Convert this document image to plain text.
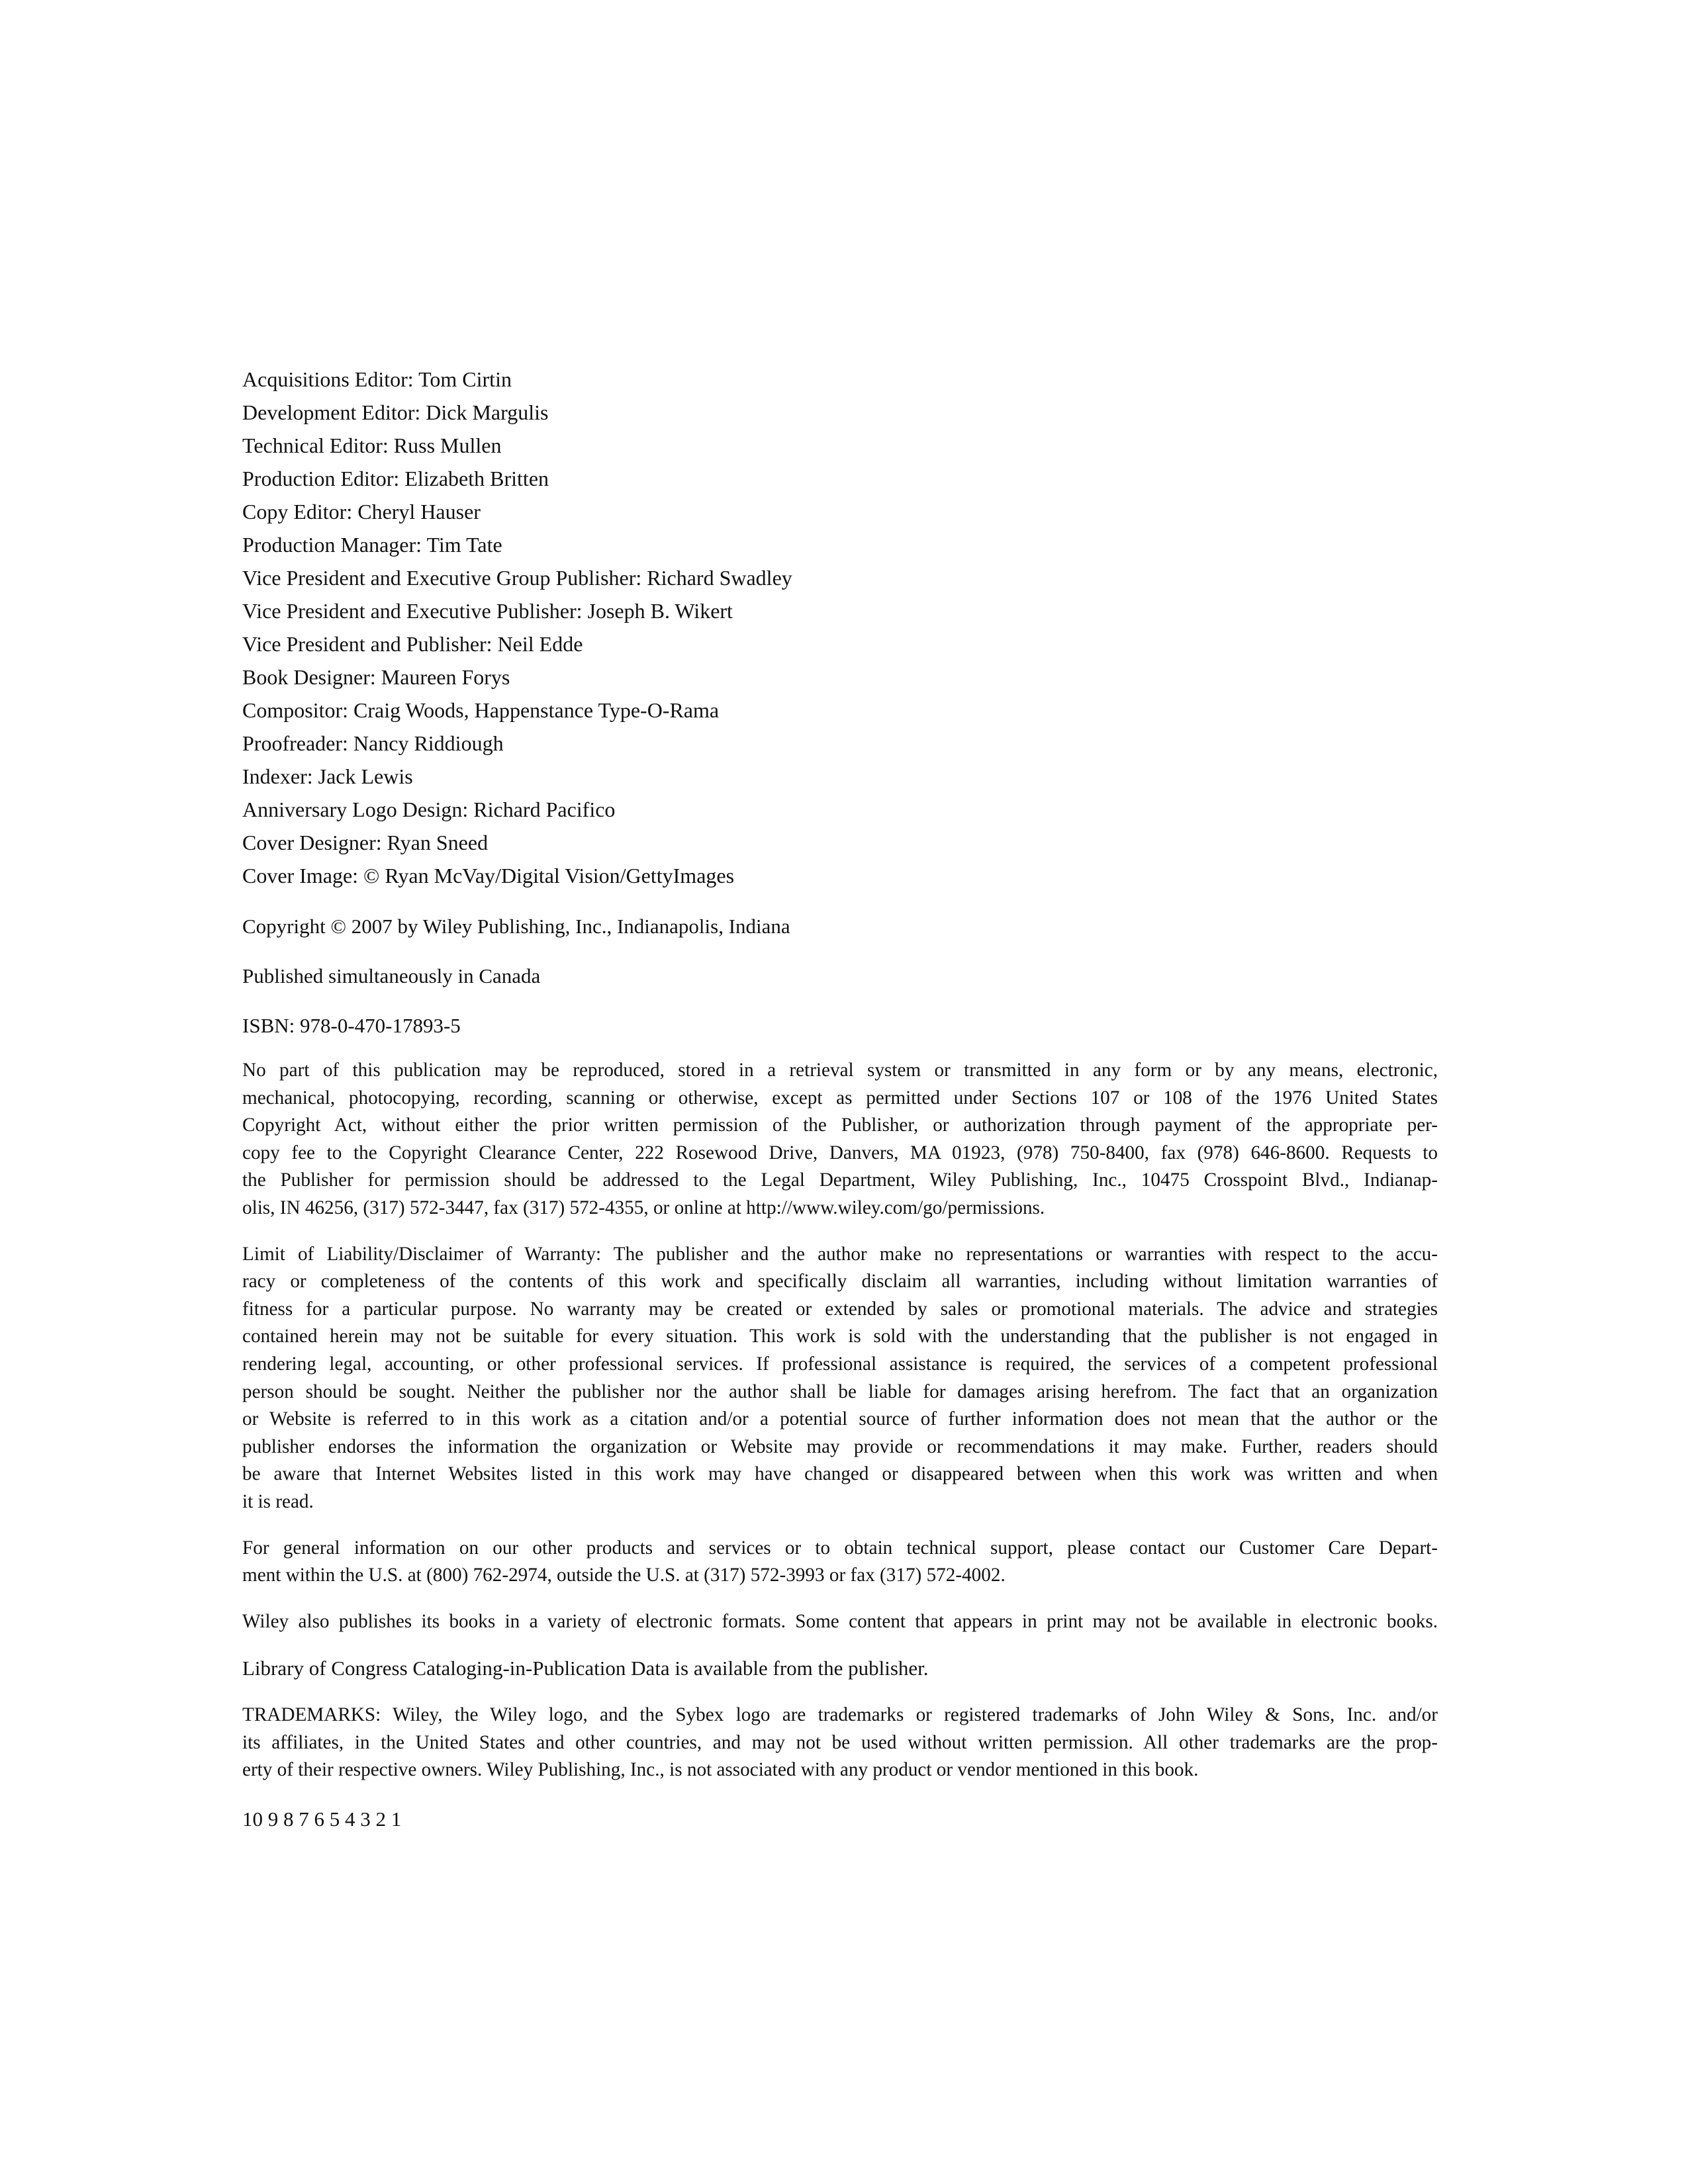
Acquisitions Editor: Tom Cirtin
Development Editor: Dick Margulis
Technical Editor: Russ Mullen
Production Editor: Elizabeth Britten
Copy Editor: Cheryl Hauser
Production Manager: Tim Tate
Vice President and Executive Group Publisher: Richard Swadley
Vice President and Executive Publisher: Joseph B. Wikert
Vice President and Publisher: Neil Edde
Book Designer: Maureen Forys
Compositor: Craig Woods, Happenstance Type-O-Rama
Proofreader: Nancy Riddiough
Indexer: Jack Lewis
Anniversary Logo Design: Richard Pacifico
Cover Designer: Ryan Sneed
Cover Image: © Ryan McVay/Digital Vision/GettyImages

Copyright © 2007 by Wiley Publishing, Inc., Indianapolis, Indiana

Published simultaneously in Canada

ISBN: 978-0-470-17893-5

No part of this publication may be reproduced, stored in a retrieval system or transmitted in any form or by any means, electronic,
mechanical, photocopying, recording, scanning or otherwise, except as permitted under Sections 107 or 108 of the 1976 United States
Copyright Act, without either the prior written permission of the Publisher, or authorization through payment of the appropriate per-
copy fee to the Copyright Clearance Center, 222 Rosewood Drive, Danvers, MA 01923, (978) 750-8400, fax (978) 646-8600. Requests to
the Publisher for permission should be addressed to the Legal Department, Wiley Publishing, Inc., 10475 Crosspoint Blvd., Indianap-
olis, IN 46256, (317) 572-3447, fax (317) 572-4355, or online at http://www.wiley.com/go/permissions.

Limit of Liability/Disclaimer of Warranty: The publisher and the author make no representations or warranties with respect to the accu-
racy or completeness of the contents of this work and specifically disclaim all warranties, including without limitation warranties of
fitness for a particular purpose. No warranty may be created or extended by sales or promotional materials. The advice and strategies
contained herein may not be suitable for every situation. This work is sold with the understanding that the publisher is not engaged in
rendering legal, accounting, or other professional services. If professional assistance is required, the services of a competent professional
person should be sought. Neither the publisher nor the author shall be liable for damages arising herefrom. The fact that an organization
or Website is referred to in this work as a citation and/or a potential source of further information does not mean that the author or the
publisher endorses the information the organization or Website may provide or recommendations it may make. Further, readers should
be aware that Internet Websites listed in this work may have changed or disappeared between when this work was written and when
it is read.

For general information on our other products and services or to obtain technical support, please contact our Customer Care Depart-
ment within the U.S. at (800) 762-2974, outside the U.S. at (317) 572-3993 or fax (317) 572-4002.

Wiley also publishes its books in a variety of electronic formats. Some content that appears in print may not be available in electronic books.

Library of Congress Cataloging-in-Publication Data is available from the publisher.

TRADEMARKS: Wiley, the Wiley logo, and the Sybex logo are trademarks or registered trademarks of John Wiley & Sons, Inc. and/or
its affiliates, in the United States and other countries, and may not be used without written permission. All other trademarks are the prop-
erty of their respective owners. Wiley Publishing, Inc., is not associated with any product or vendor mentioned in this book.

10 9 8 7 6 5 4 3 2 1
